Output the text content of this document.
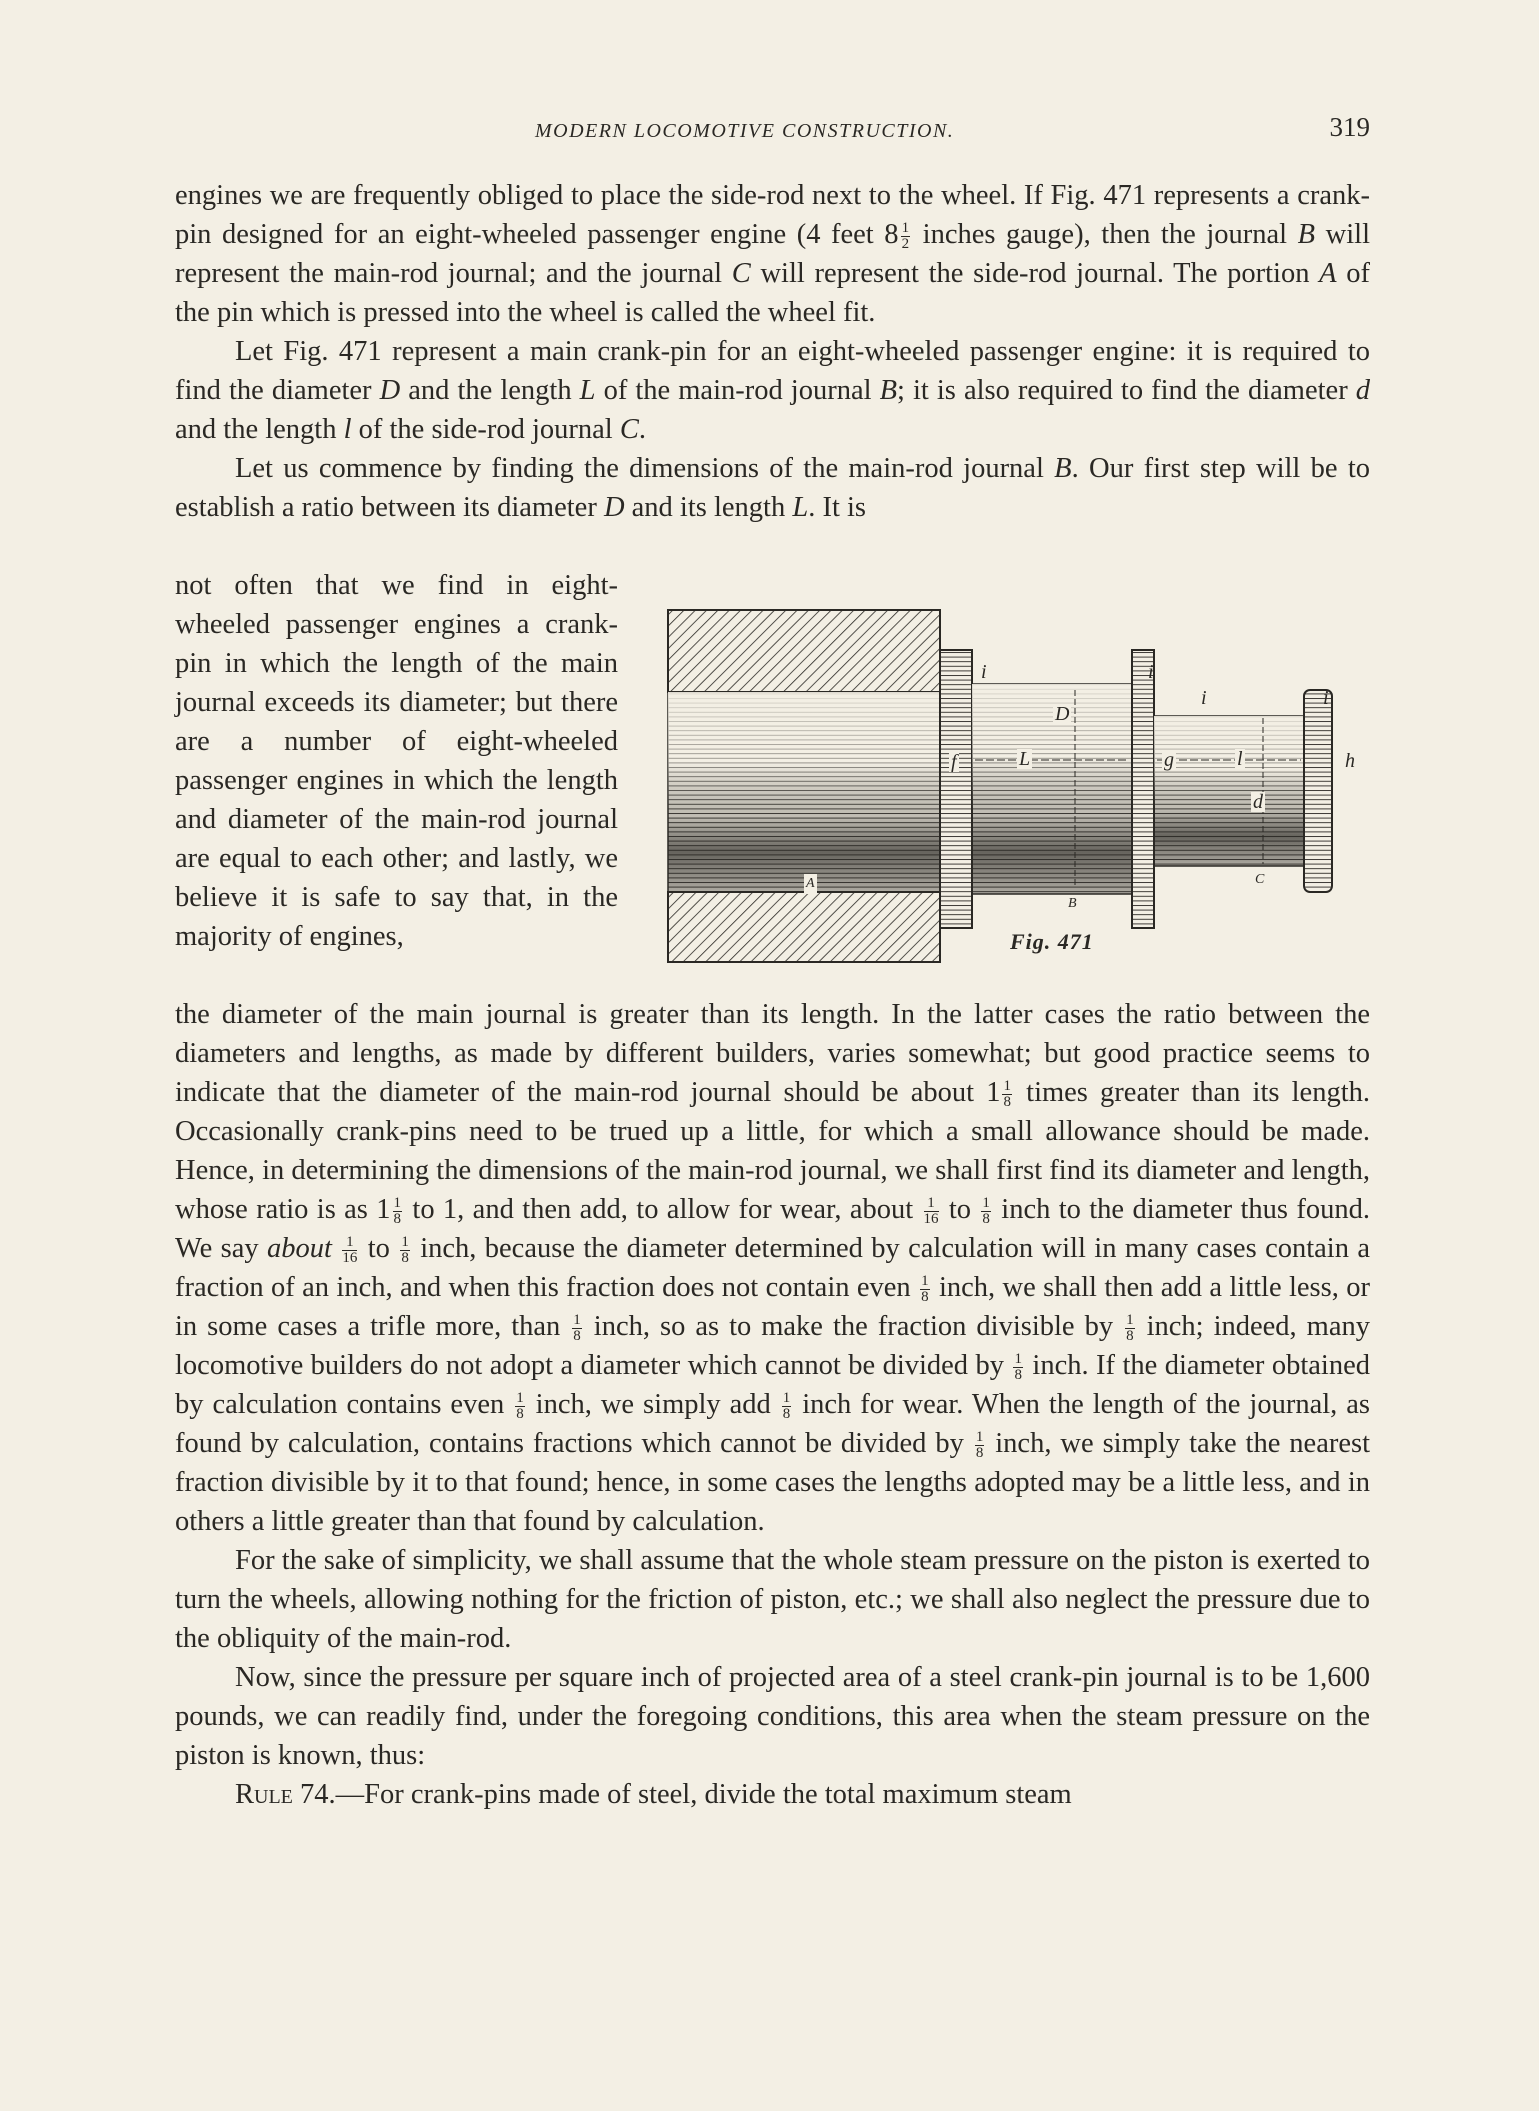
MODERN LOCOMOTIVE CONSTRUCTION.	319

engines we are frequently obliged to place the side-rod next to the wheel. If Fig. 471 represents a crank-pin designed for an eight-wheeled passenger engine (4 feet $8 \frac{1}{2}$ inches gauge), then the journal B will represent the main-rod journal; and the journal C will represent the side-rod journal. The portion A of the pin which is pressed into the wheel is called the wheel fit.

Let Fig. 471 represent a main crank-pin for an eight-wheeled passenger engine: it is required to find the diameter D and the length L of the main-rod journal B; it is also required to find the diameter d and the length l of the side-rod journal C.

Let us commence by finding the dimensions of the main-rod journal B. Our first step will be to establish a ratio between its diameter D and its length L. It is

not often that we find in eight-wheeled passenger engines a crank-pin in which the length of the main journal exceeds its diameter; but there are a number of eight-wheeled passenger engines in which the length and diameter of the main-rod journal are equal to each other; and lastly, we believe it is safe to say that, in the majority of engines,

D
L	l
d
f	g	h
i	i
i	i
A
B
C
Fig. 471

the diameter of the main journal is greater than its length. In the latter cases the ratio between the diameters and lengths, as made by different builders, varies somewhat; but good practice seems to indicate that the diameter of the main-rod journal should be about $1 \frac{1}{8}$ times greater than its length. Occasionally crank-pins need to be trued up a little, for which a small allowance should be made. Hence, in determining the dimensions of the main-rod journal, we shall first find its diameter and length, whose ratio is as $1 \frac{1}{8}$ to 1, and then add, to allow for wear, about $\frac{1}{16}$ to $\frac{1}{8}$ inch to the diameter thus found. We say about $\frac{1}{16}$ to $\frac{1}{8}$ inch, because the diameter determined by calculation will in many cases contain a fraction of an inch, and when this fraction does not contain even $\frac{1}{8}$ inch, we shall then add a little less, or in some cases a trifle more, than $\frac{1}{8}$ inch, so as to make the fraction divisible by $\frac{1}{8}$ inch; indeed, many locomotive builders do not adopt a diameter which cannot be divided by $\frac{1}{8}$ inch. If the diameter obtained by calculation contains even $\frac{1}{8}$ inch, we simply add $\frac{1}{8}$ inch for wear. When the length of the journal, as found by calculation, contains fractions which cannot be divided by $\frac{1}{8}$ inch, we simply take the nearest fraction divisible by it to that found; hence, in some cases the lengths adopted may be a little less, and in others a little greater than that found by calculation.

For the sake of simplicity, we shall assume that the whole steam pressure on the piston is exerted to turn the wheels, allowing nothing for the friction of piston, etc.; we shall also neglect the pressure due to the obliquity of the main-rod.

Now, since the pressure per square inch of projected area of a steel crank-pin journal is to be 1,600 pounds, we can readily find, under the foregoing conditions, this area when the steam pressure on the piston is known, thus:

Rule 74.—For crank-pins made of steel, divide the total maximum steam
